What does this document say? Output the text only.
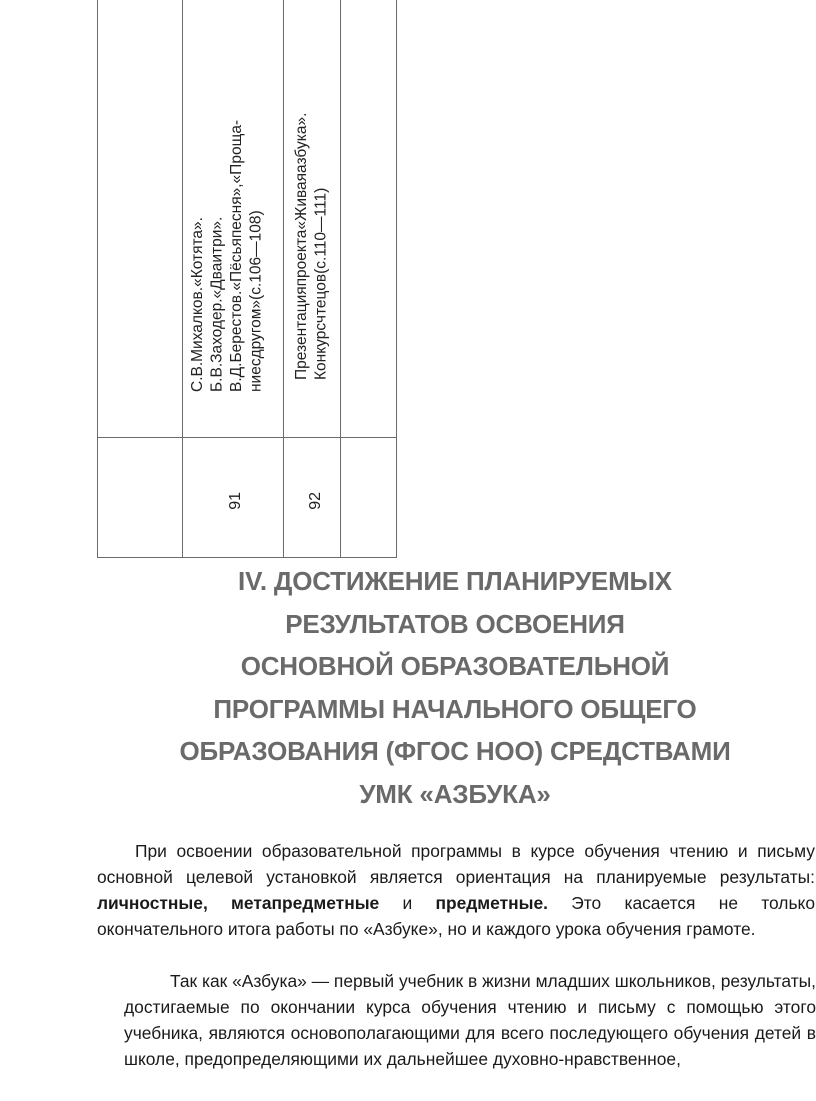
91
С.В.Михалков.«Котята». Б.В.Заходер.«Дваитри». В.Д.Берестов.«Пёсьяпесня»,«Проща- ниесдругом»(с.106—108)
92
Презентацияпроекта«Живаяазбука». Конкурсчтецов(с.110—111)
IV. ДОСТИЖЕНИЕ ПЛАНИРУЕМЫХ
РЕЗУЛЬТАТОВ ОСВОЕНИЯ
ОСНОВНОЙ ОБРАЗОВАТЕЛЬНОЙ
ПРОГРАММЫ НАЧАЛЬНОГО ОБЩЕГО
ОБРАЗОВАНИЯ (ФГОС НОО) СРЕДСТВАМИ
УМК «АЗБУКА»

При освоении образовательной программы в курсе обучения чтению и письму основной целевой установкой является ориентация на планируемые результаты: личностные, метапредметные и предметные. Это касается не только окончательного итога работы по «Азбуке», но и каждого урока обучения грамоте.

Так как «Азбука» — первый учебник в жизни младших школьников, результаты, достигаемые по окончании курса обучения чтению и письму с помощью этого учебника, являются основополагающими для всего последующего обучения детей в школе, предопределяющими их дальнейшее духовно-нравственное,
